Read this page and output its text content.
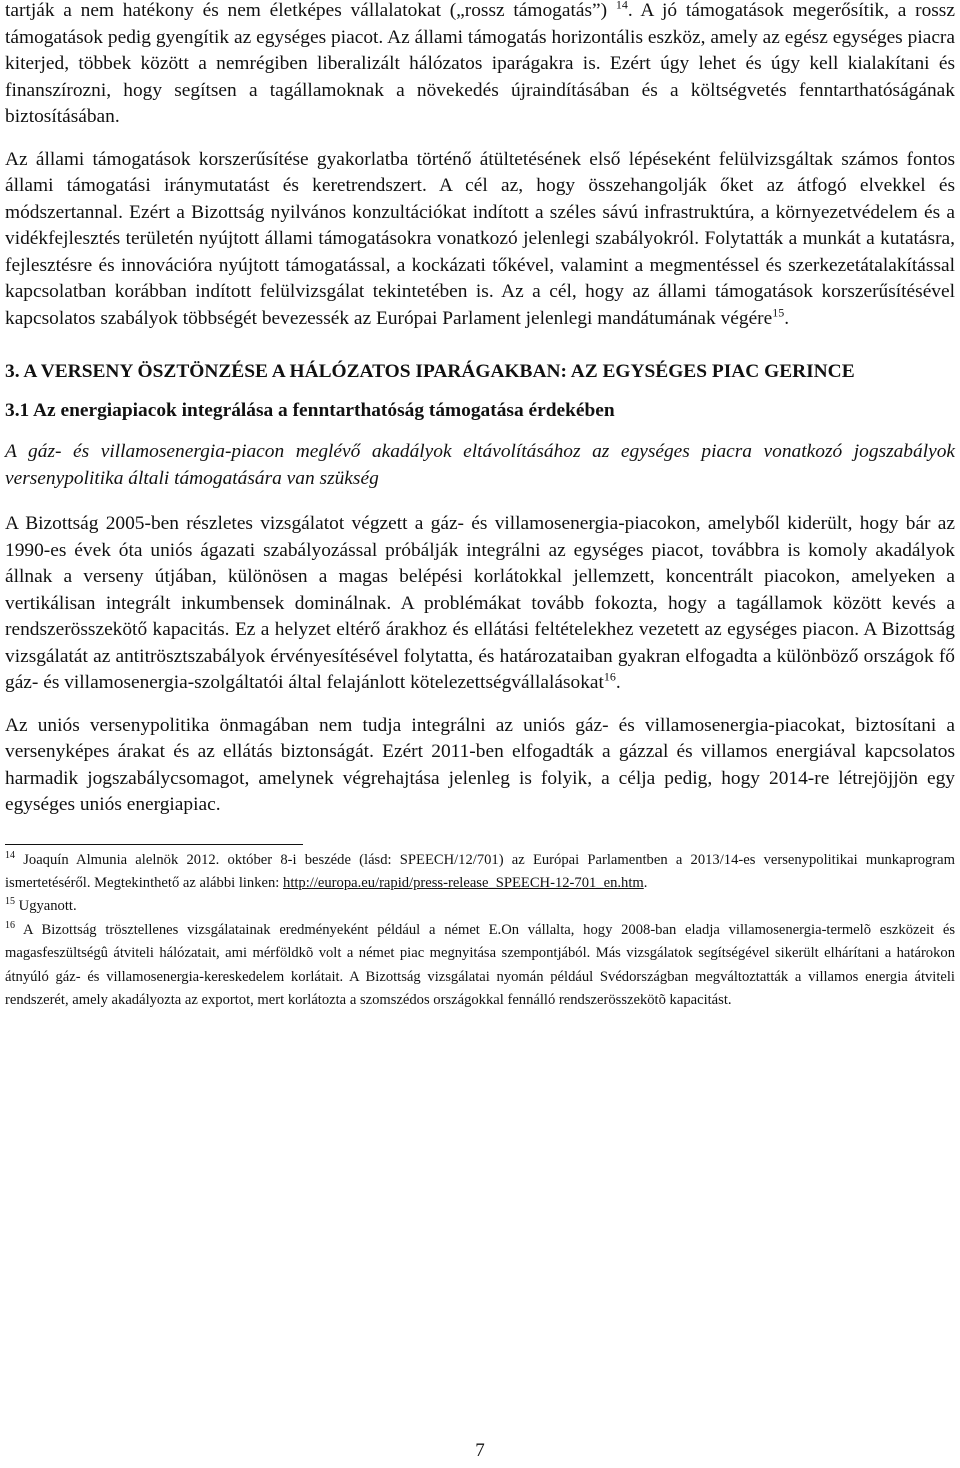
tartják a nem hatékony és nem életképes vállalatokat („rossz támogatás”) $^{14}$. A jó támogatások megerősítik, a rossz támogatások pedig gyengítik az egységes piacot. Az állami támogatás horizontális eszköz, amely az egész egységes piacra kiterjed, többek között a nemrégiben liberalizált hálózatos iparágakra is. Ezért úgy lehet és úgy kell kialakítani és finanszírozni, hogy segítsen a tagállamoknak a növekedés újraindításában és a költségvetés fenntarthatóságának biztosításában.

Az állami támogatások korszerűsítése gyakorlatba történő átültetésének első lépéseként felülvizsgáltak számos fontos állami támogatási iránymutatást és keretrendszert. A cél az, hogy összehangolják őket az átfogó elvekkel és módszertannal. Ezért a Bizottság nyilvános konzultációkat indított a széles sávú infrastruktúra, a környezetvédelem és a vidékfejlesztés területén nyújtott állami támogatásokra vonatkozó jelenlegi szabályokról. Folytatták a munkát a kutatásra, fejlesztésre és innovációra nyújtott támogatással, a kockázati tőkével, valamint a megmentéssel és szerkezetátalakítással kapcsolatban korábban indított felülvizsgálat tekintetében is. Az a cél, hogy az állami támogatások korszerűsítésével kapcsolatos szabályok többségét bevezessék az Európai Parlament jelenlegi mandátumának végére$^{15}$.

3. A VERSENY ÖSZTÖNZÉSE A HÁLÓZATOS IPARÁGAKBAN: AZ EGYSÉGES PIAC GERINCE
3.1 Az energiapiacok integrálása a fenntarthatóság támogatása érdekében
A gáz- és villamosenergia-piacon meglévő akadályok eltávolításához az egységes piacra vonatkozó jogszabályok versenypolitika általi támogatására van szükség

A Bizottság 2005-ben részletes vizsgálatot végzett a gáz- és villamosenergia-piacokon, amelyből kiderült, hogy bár az 1990-es évek óta uniós ágazati szabályozással próbálják integrálni az egységes piacot, továbbra is komoly akadályok állnak a verseny útjában, különösen a magas belépési korlátokkal jellemzett, koncentrált piacokon, amelyeken a vertikálisan integrált inkumbensek dominálnak. A problémákat tovább fokozta, hogy a tagállamok között kevés a rendszerösszekötő kapacitás. Ez a helyzet eltérő árakhoz és ellátási feltételekhez vezetett az egységes piacon. A Bizottság vizsgálatát az antitrösztszabályok érvényesítésével folytatta, és határozataiban gyakran elfogadta a különböző országok fő gáz- és villamosenergia-szolgáltatói által felajánlott kötelezettségvállalásokat$^{16}$.

Az uniós versenypolitika önmagában nem tudja integrálni az uniós gáz- és villamosenergia-piacokat, biztosítani a versenyképes árakat és az ellátás biztonságát. Ezért 2011-ben elfogadták a gázzal és villamos energiával kapcsolatos harmadik jogszabálycsomagot, amelynek végrehajtása jelenleg is folyik, a célja pedig, hogy 2014-re létrejöjjön egy egységes uniós energiapiac.

$^{14}$ Joaquín Almunia alelnök 2012. október 8-i beszéde (lásd: SPEECH/12/701) az Európai Parlamentben a 2013/14-es versenypolitikai munkaprogram ismertetéséről. Megtekinthető az alábbi linken: http://europa.eu/rapid/press-release_SPEECH-12-701_en.htm.

$^{15}$ Ugyanott.

$^{16}$ A Bizottság trösztellenes vizsgálatainak eredményeként például a német E.On vállalta, hogy 2008-ban eladja villamosenergia-termelõ eszközeit és magasfeszültségû átviteli hálózatait, ami mérföldkõ volt a német piac megnyitása szempontjából. Más vizsgálatok segítségével sikerült elhárítani a határokon átnyúló gáz- és villamosenergia-kereskedelem korlátait. A Bizottság vizsgálatai nyomán például Svédországban megváltoztatták a villamos energia átviteli rendszerét, amely akadályozta az exportot, mert korlátozta a szomszédos országokkal fennálló rendszerösszekötõ kapacitást.

7
